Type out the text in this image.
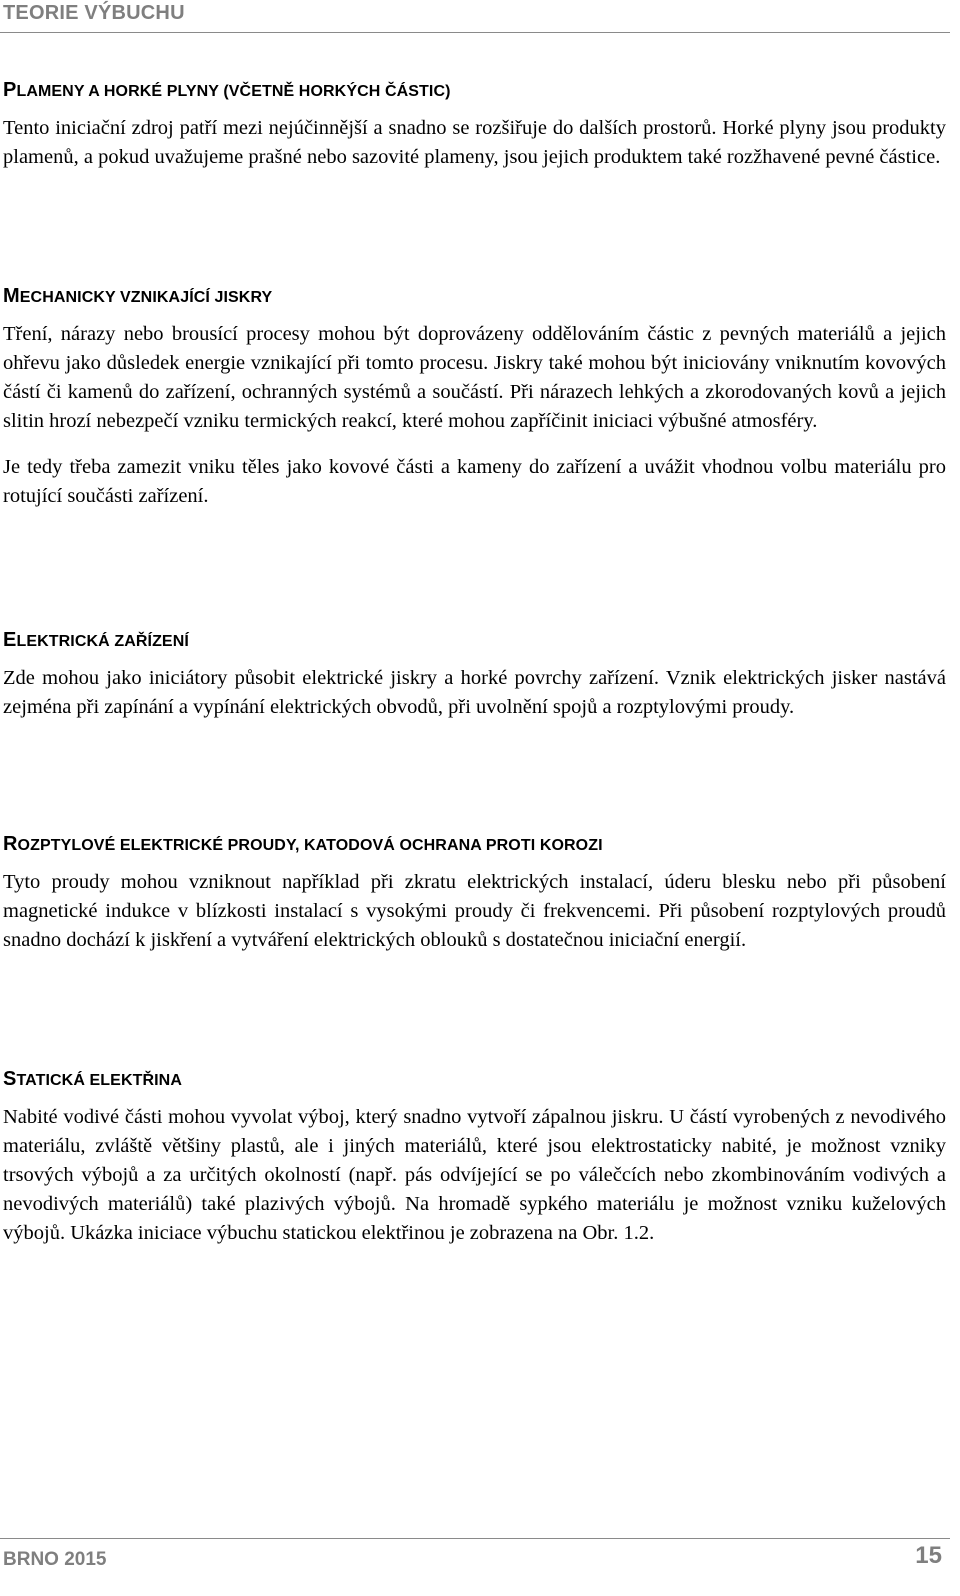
TEORIE VÝBUCHU
PLAMENY A HORKÉ PLYNY (VČETNĚ HORKÝCH ČÁSTIC)

Tento iniciační zdroj patří mezi nejúčinnější a snadno se rozšiřuje do dalších prostorů. Horké plyny jsou produkty plamenů, a pokud uvažujeme prašné nebo sazovité plameny, jsou jejich produktem také rozžhavené pevné částice.

MECHANICKY VZNIKAJÍCÍ JISKRY

Tření, nárazy nebo brousící procesy mohou být doprovázeny oddělováním částic z pevných materiálů a jejich ohřevu jako důsledek energie vznikající při tomto procesu. Jiskry také mohou být iniciovány vniknutím kovových částí či kamenů do zařízení, ochranných systémů a součástí. Při nárazech lehkých a zkorodovaných kovů a jejich slitin hrozí nebezpečí vzniku termických reakcí, které mohou zapříčinit iniciaci výbušné atmosféry.

Je tedy třeba zamezit vniku těles jako kovové části a kameny do zařízení a uvážit vhodnou volbu materiálu pro rotující součásti zařízení.

ELEKTRICKÁ ZAŘÍZENÍ

Zde mohou jako iniciátory působit elektrické jiskry a horké povrchy zařízení. Vznik elektrických jisker nastává zejména při zapínání a vypínání elektrických obvodů, při uvolnění spojů a rozptylovými proudy.

ROZPTYLOVÉ ELEKTRICKÉ PROUDY, KATODOVÁ OCHRANA PROTI KOROZI

Tyto proudy mohou vzniknout například při zkratu elektrických instalací, úderu blesku nebo při působení magnetické indukce v blízkosti instalací s vysokými proudy či frekvencemi. Při působení rozptylových proudů snadno dochází k jiskření a vytváření elektrických oblouků s dostatečnou iniciační energií.

STATICKÁ ELEKTŘINA

Nabité vodivé části mohou vyvolat výboj, který snadno vytvoří zápalnou jiskru. U částí vyrobených z nevodivého materiálu, zvláště většiny plastů, ale i jiných materiálů, které jsou elektrostaticky nabité, je možnost vzniky trsových výbojů a za určitých okolností (např. pás odvíjející se po válečcích nebo zkombinováním vodivých a nevodivých materiálů) také plazivých výbojů. Na hromadě sypkého materiálu je možnost vzniku kuželových výbojů. Ukázka iniciace výbuchu statickou elektřinou je zobrazena na Obr. 1.2.

BRNO 2015	15
